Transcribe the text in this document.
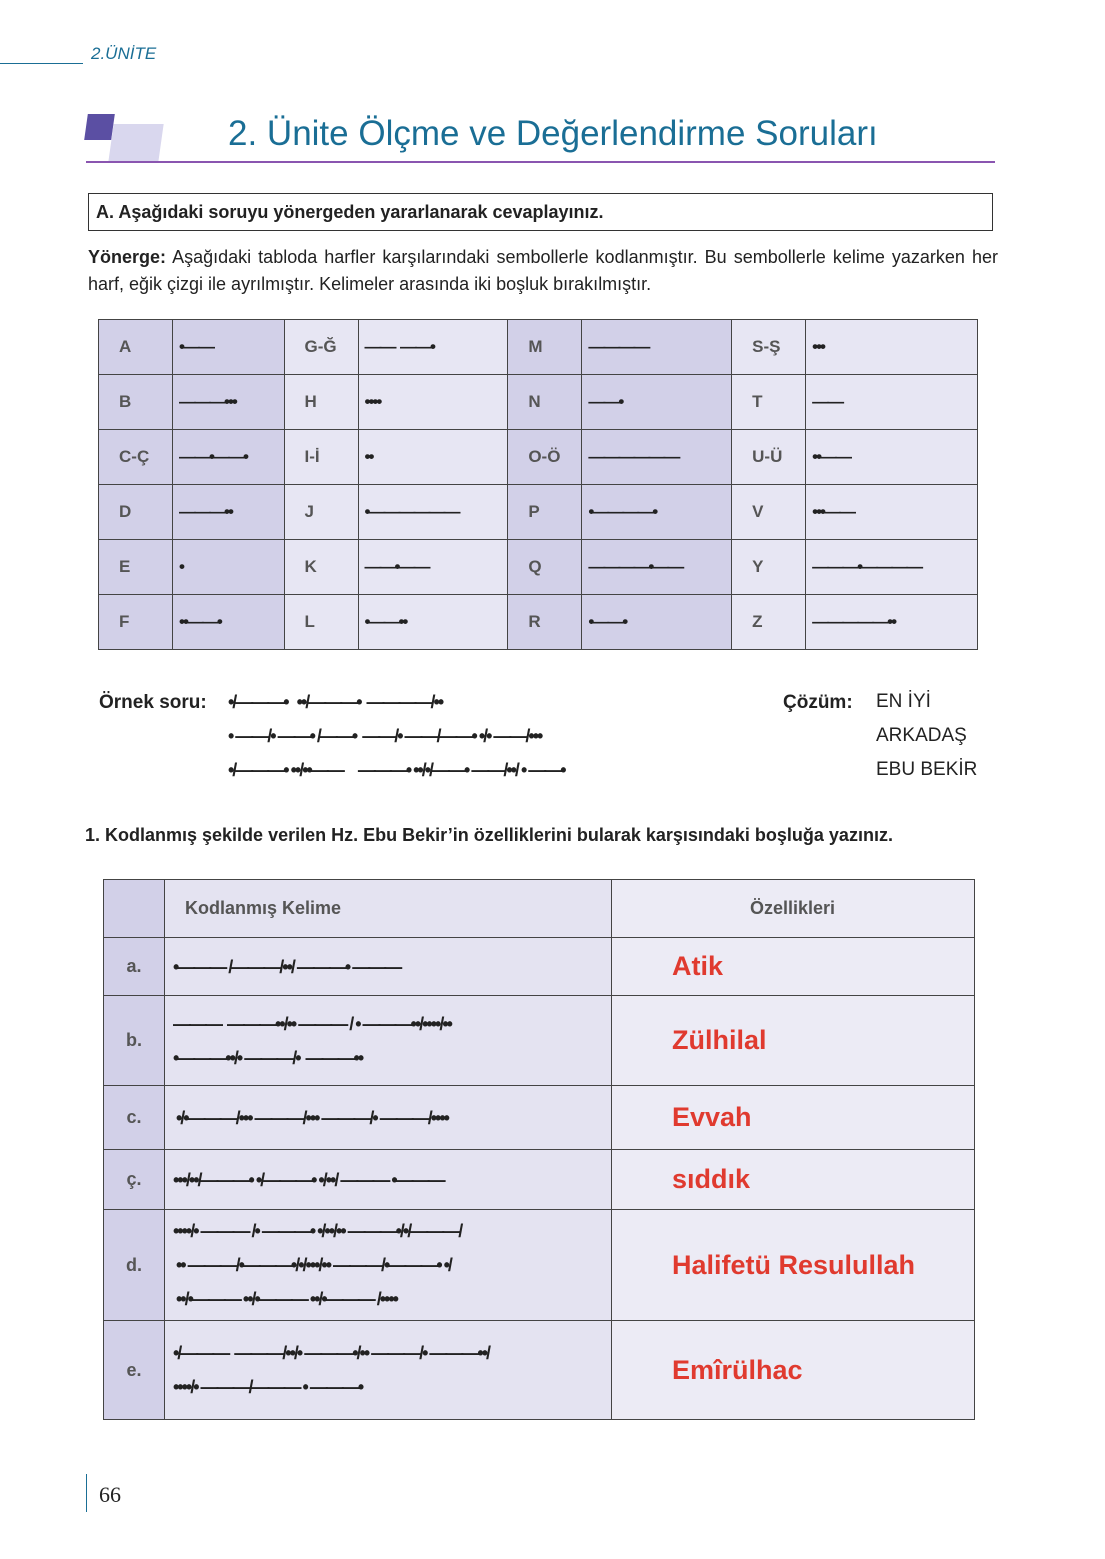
2.ÜNİTE
2. Ünite Ölçme ve Değerlendirme Soruları
A. Aşağıdaki soruyu yönergeden yararlanarak cevaplayınız.
Yönerge: Aşağıdaki tabloda harfler karşılarındaki sembollerle kodlanmıştır. Bu sembollerle kelime yazarken her harf, eğik çizgi ile ayrılmıştır. Kelimeler arasında iki boşluk bırakılmıştır.
A	•——	G-Ğ	——  ——•	M	————	S-Ş	•••
B	———•••	H	••••	N	——•	T	——
C-Ç	——•——•	I-İ	••	O-Ö	——————	U-Ü	••——
D	———••	J	•——————	P	•————•	V	•••——
E	•	K	——•——	Q	————•——	Y	———•————
F	••——•	L	•——••	R	•——•	Z	—————••
Örnek soru: •/———•   ••/———•  ————/••
• ——/• ——• /——•  ——/• ——/——• •/• ——/•••
•/———• ••/••——     ———• ••/•/——• ——/••/ • ——•
Çözüm: EN İYİ
ARKADAŞ
EBU BEKİR
1. Kodlanmış şekilde verilen Hz. Ebu Bekir’in özelliklerini bularak karşısındaki boşluğa yazınız.
	Kodlanmış Kelime	Özellikleri
a.	•——— /———/••/ ———• ———	Atik
b.	———  ———••/•• ——— / • ———••/••••/••
•———••/• ———/•  ———••	Zülhilal
c.	•/•———/••• ———/••• ———/• ———/••••	Evvah
ç.	•••/••/———• •/———• •/••/ ——— •———	sıddık
d.	••••/• ——— /• ———• •/••/•• ———•/•/———/
•• ———/•———•/•/•••/•• ———/•———• •/
••/•——— ••/•——— ••/•——— /••••	Halifetü Resulullah
e.	•/———  ———/••/• ———•/•• ———/• ———••/
••••/• ———/——— • ———•	Emîrülhac
66
